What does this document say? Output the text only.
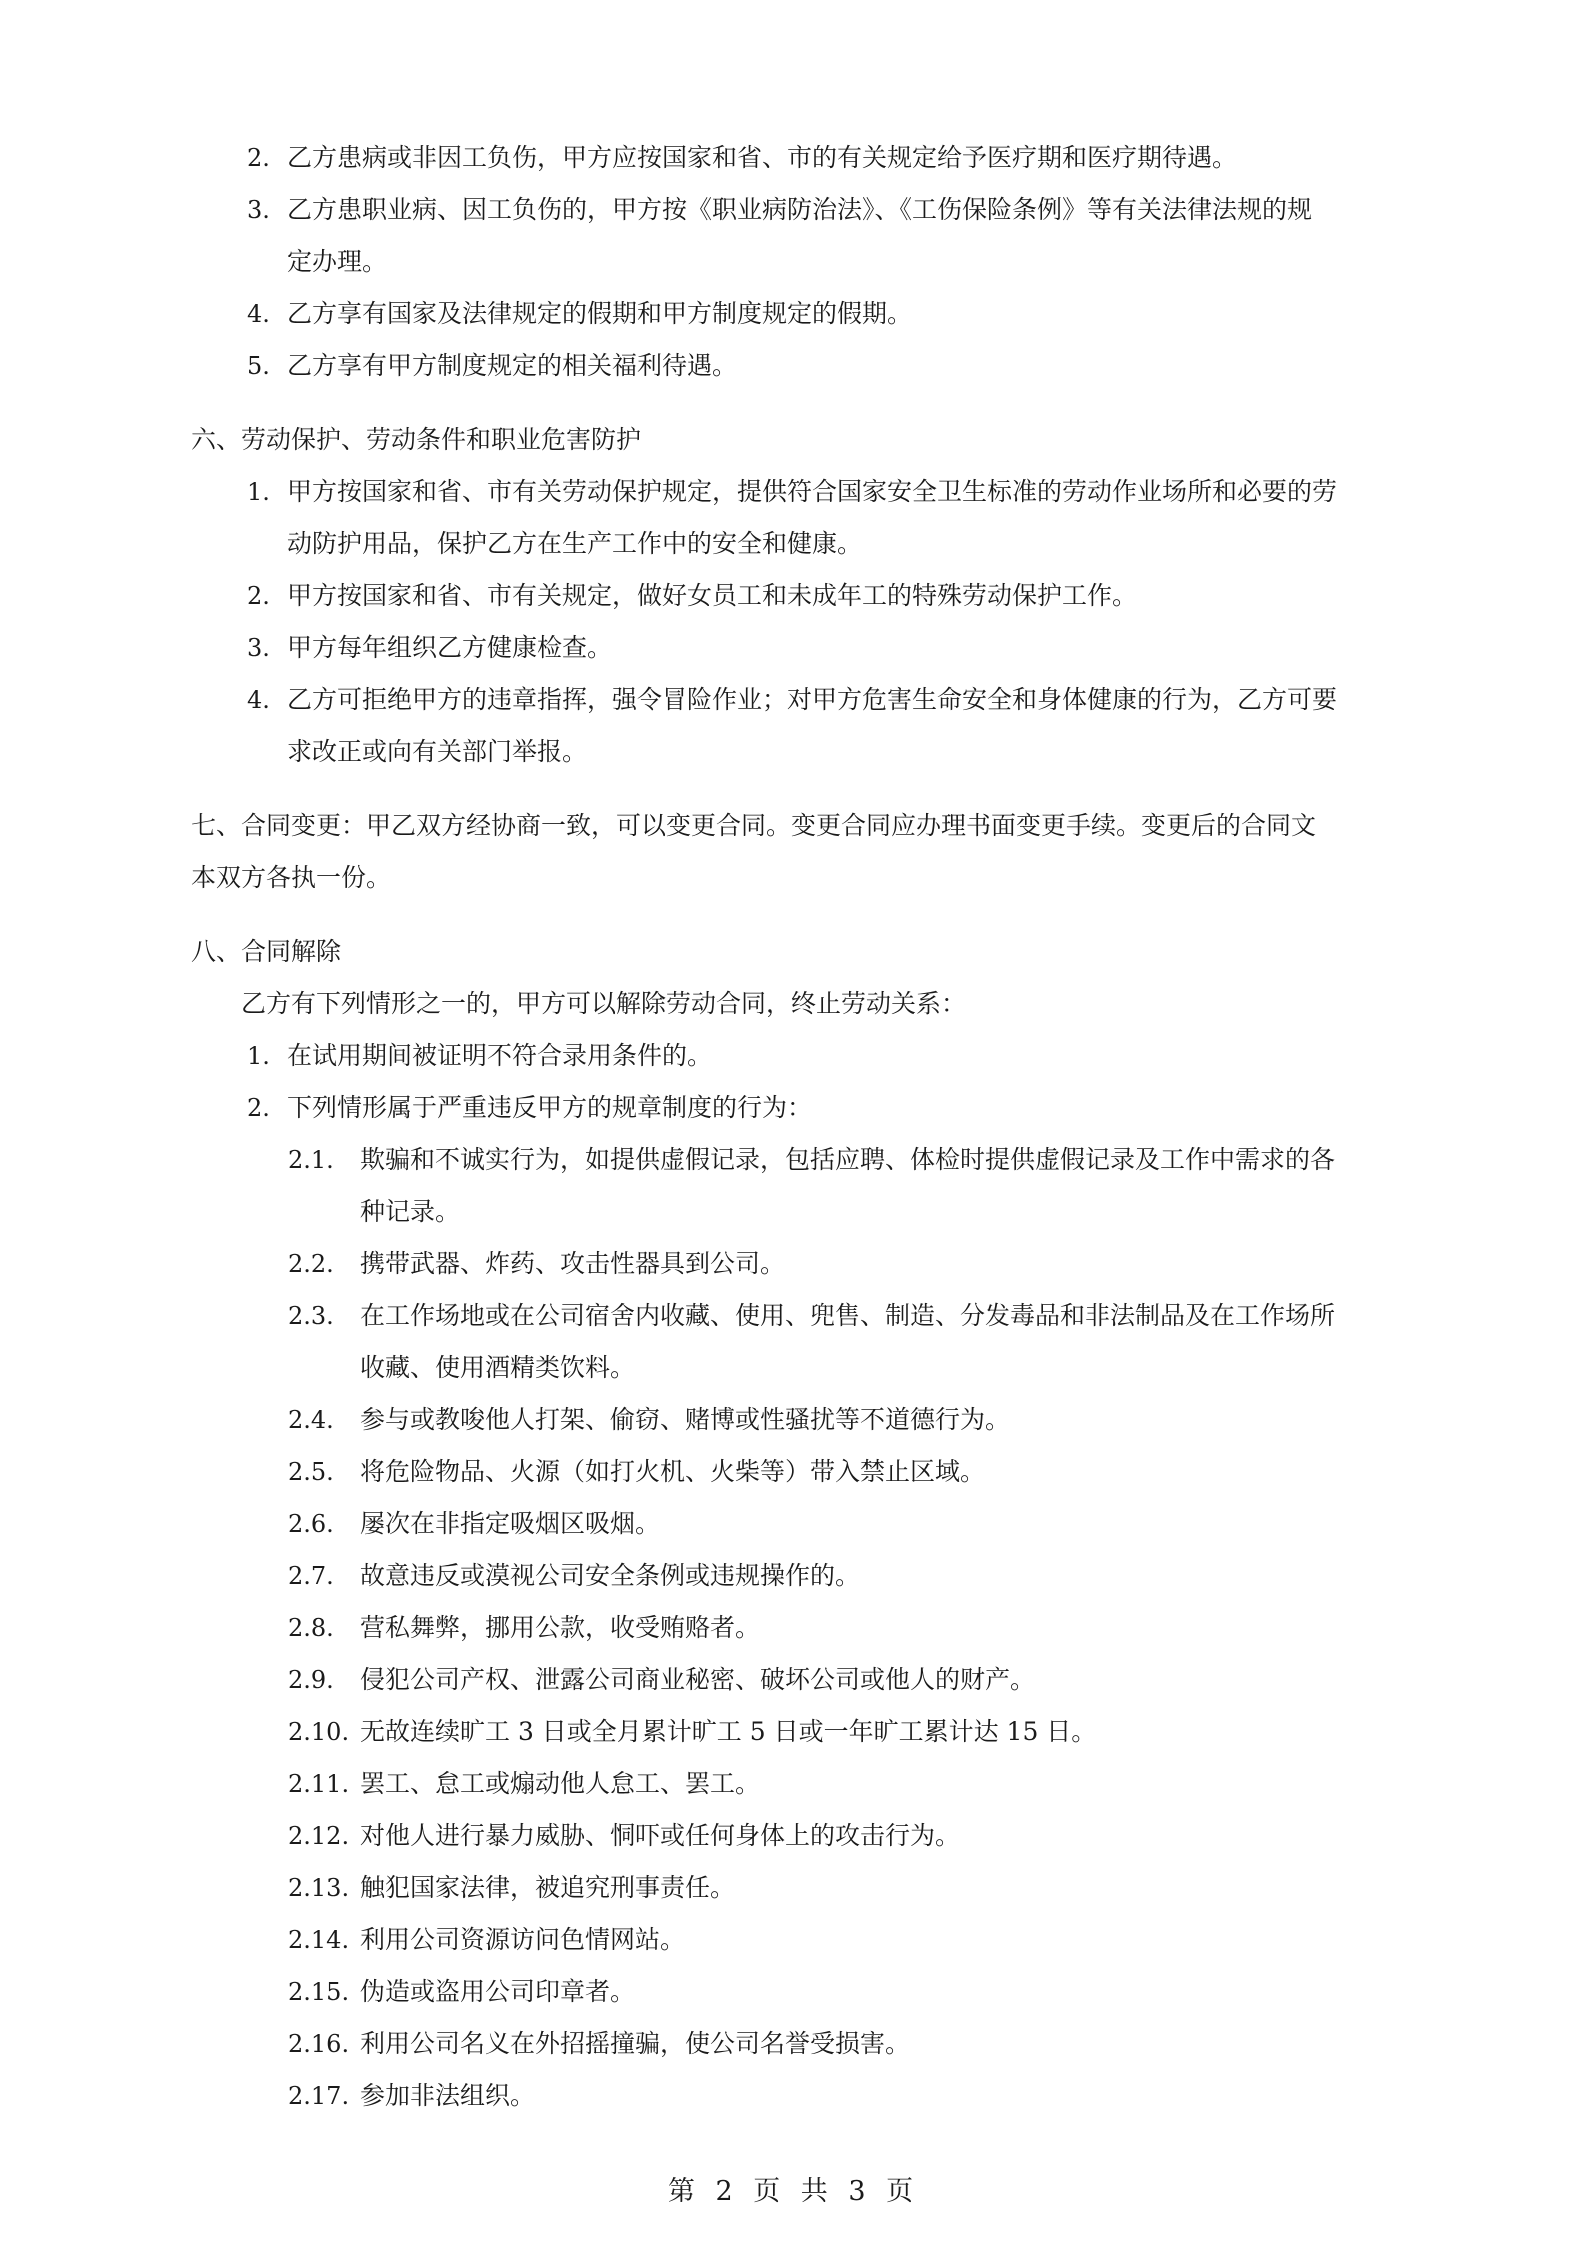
2. 乙方患病或非因工负伤，甲方应按国家和省、市的有关规定给予医疗期和医疗期待遇。
3. 乙方患职业病、因工负伤的，甲方按《职业病防治法》、《工伤保险条例》等有关法律法规的规
定办理。
4. 乙方享有国家及法律规定的假期和甲方制度规定的假期。
5. 乙方享有甲方制度规定的相关福利待遇。
六、劳动保护、劳动条件和职业危害防护
1. 甲方按国家和省、市有关劳动保护规定，提供符合国家安全卫生标准的劳动作业场所和必要的劳
动防护用品，保护乙方在生产工作中的安全和健康。
2. 甲方按国家和省、市有关规定，做好女员工和未成年工的特殊劳动保护工作。
3. 甲方每年组织乙方健康检查。
4. 乙方可拒绝甲方的违章指挥，强令冒险作业；对甲方危害生命安全和身体健康的行为，乙方可要
求改正或向有关部门举报。
七、合同变更：甲乙双方经协商一致，可以变更合同。变更合同应办理书面变更手续。变更后的合同文
本双方各执一份。
八、合同解除
乙方有下列情形之一的，甲方可以解除劳动合同，终止劳动关系：
1. 在试用期间被证明不符合录用条件的。
2. 下列情形属于严重违反甲方的规章制度的行为：
2.1. 欺骗和不诚实行为，如提供虚假记录，包括应聘、体检时提供虚假记录及工作中需求的各
种记录。
2.2. 携带武器、炸药、攻击性器具到公司。
2.3. 在工作场地或在公司宿舍内收藏、使用、兜售、制造、分发毒品和非法制品及在工作场所
收藏、使用酒精类饮料。
2.4. 参与或教唆他人打架、偷窃、赌博或性骚扰等不道德行为。
2.5. 将危险物品、火源（如打火机、火柴等）带入禁止区域。
2.6. 屡次在非指定吸烟区吸烟。
2.7. 故意违反或漠视公司安全条例或违规操作的。
2.8. 营私舞弊，挪用公款，收受贿赂者。
2.9. 侵犯公司产权、泄露公司商业秘密、破坏公司或他人的财产。
2.10. 无故连续旷工 3 日或全月累计旷工 5 日或一年旷工累计达 15 日。
2.11. 罢工、怠工或煽动他人怠工、罢工。
2.12. 对他人进行暴力威胁、恫吓或任何身体上的攻击行为。
2.13. 触犯国家法律，被追究刑事责任。
2.14. 利用公司资源访问色情网站。
2.15. 伪造或盗用公司印章者。
2.16. 利用公司名义在外招摇撞骗，使公司名誉受损害。
2.17. 参加非法组织。
第 2 页 共 3 页
